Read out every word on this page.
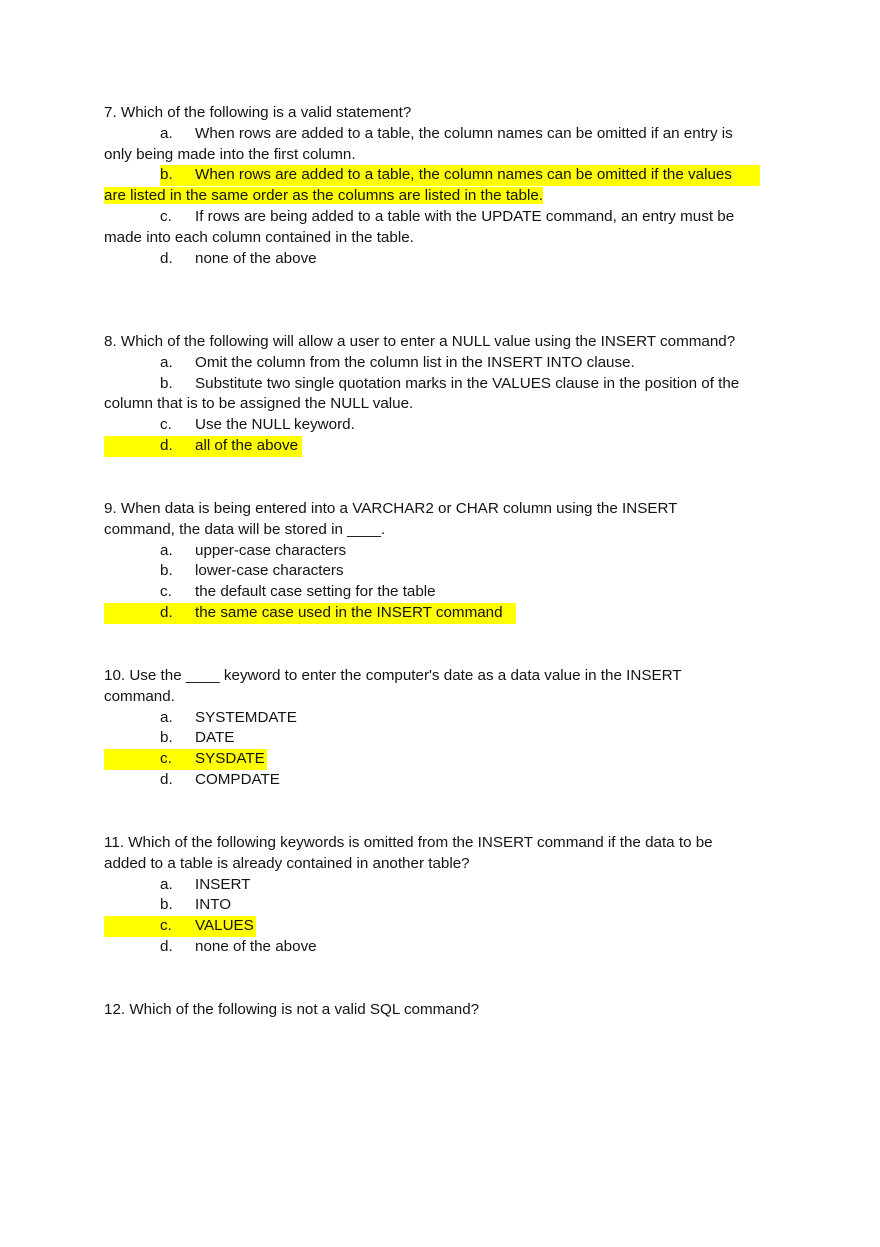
7. Which of the following is a valid statement?
a. When rows are added to a table, the column names can be omitted if an entry is
only being made into the first column.
b. When rows are added to a table, the column names can be omitted if the values
are listed in the same order as the columns are listed in the table.
c. If rows are being added to a table with the UPDATE command, an entry must be
made into each column contained in the table.
d. none of the above
8. Which of the following will allow a user to enter a NULL value using the INSERT command?
a. Omit the column from the column list in the INSERT INTO clause.
b. Substitute two single quotation marks in the VALUES clause in the position of the
column that is to be assigned the NULL value.
c. Use the NULL keyword.
d. all of the above
9. When data is being entered into a VARCHAR2 or CHAR column using the INSERT
command, the data will be stored in ____.
a. upper-case characters
b. lower-case characters
c. the default case setting for the table
d. the same case used in the INSERT command
10. Use the ____ keyword to enter the computer's date as a data value in the INSERT
command.
a. SYSTEMDATE
b. DATE
c. SYSDATE
d. COMPDATE
11. Which of the following keywords is omitted from the INSERT command if the data to be
added to a table is already contained in another table?
a. INSERT
b. INTO
c. VALUES
d. none of the above
12. Which of the following is not a valid SQL command?
